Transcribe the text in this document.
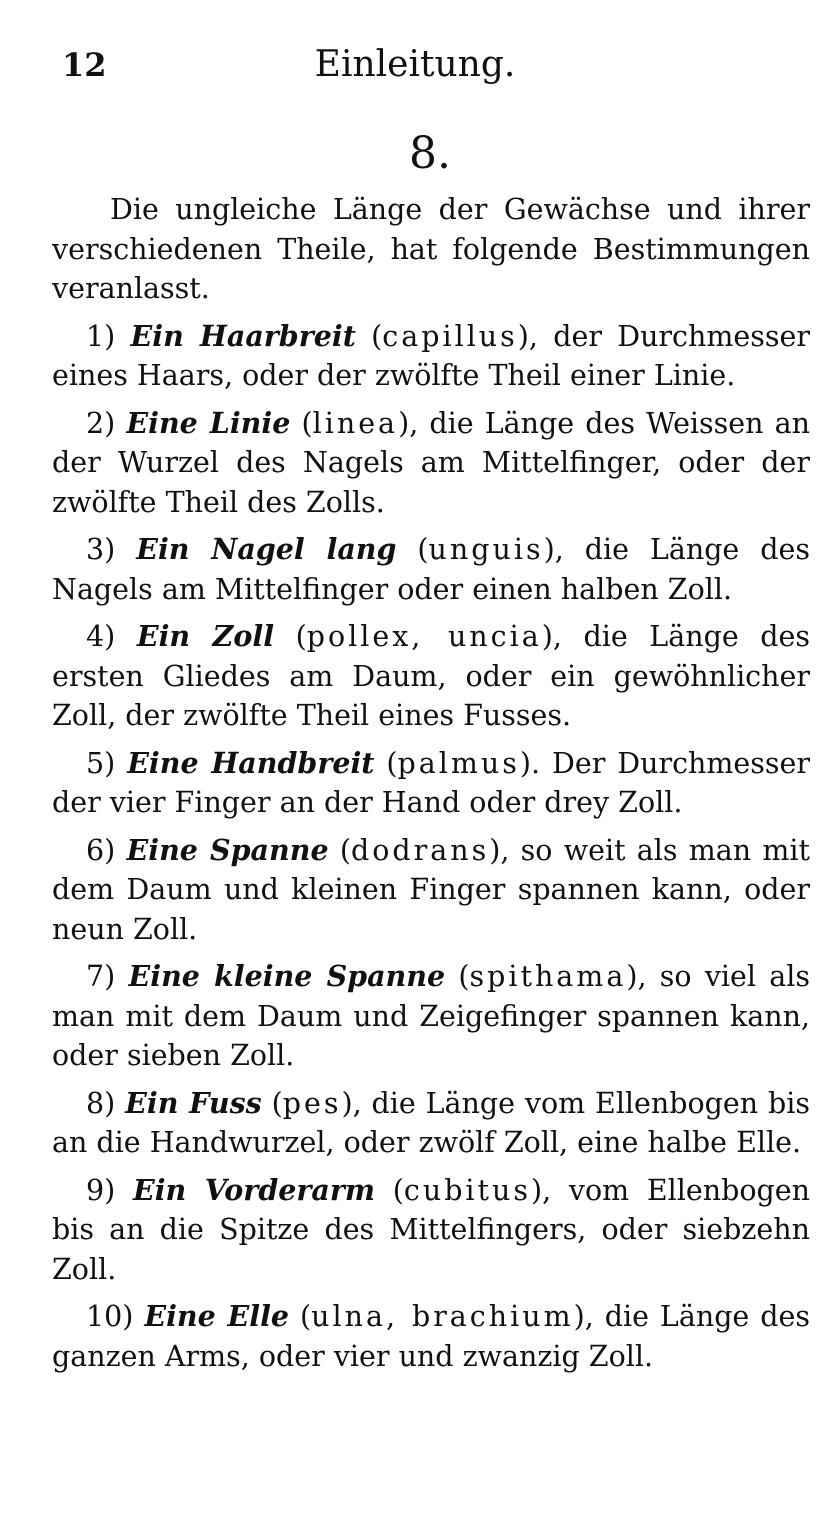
12	Einleitung.
8.

Die ungleiche Länge der Gewächse und ihrer verschiedenen Theile, hat folgende Bestimmungen veranlasst.

1) Ein Haarbreit (capillus), der Durchmesser eines Haars, oder der zwölfte Theil einer Linie.

2) Eine Linie (linea), die Länge des Weissen an der Wurzel des Nagels am Mittelfinger, oder der zwölfte Theil des Zolls.

3) Ein Nagel lang (unguis), die Länge des Nagels am Mittelfinger oder einen halben Zoll.

4) Ein Zoll (pollex, uncia), die Länge des ersten Gliedes am Daum, oder ein gewöhnlicher Zoll, der zwölfte Theil eines Fusses.

5) Eine Handbreit (palmus). Der Durchmesser der vier Finger an der Hand oder drey Zoll.

6) Eine Spanne (dodrans), so weit als man mit dem Daum und kleinen Finger spannen kann, oder neun Zoll.

7) Eine kleine Spanne (spithama), so viel als man mit dem Daum und Zeigefinger spannen kann, oder sieben Zoll.

8) Ein Fuss (pes), die Länge vom Ellenbogen bis an die Handwurzel, oder zwölf Zoll, eine halbe Elle.

9) Ein Vorderarm (cubitus), vom Ellenbogen bis an die Spitze des Mittelfingers, oder siebzehn Zoll.

10) Eine Elle (ulna, brachium), die Länge des ganzen Arms, oder vier und zwanzig Zoll.
